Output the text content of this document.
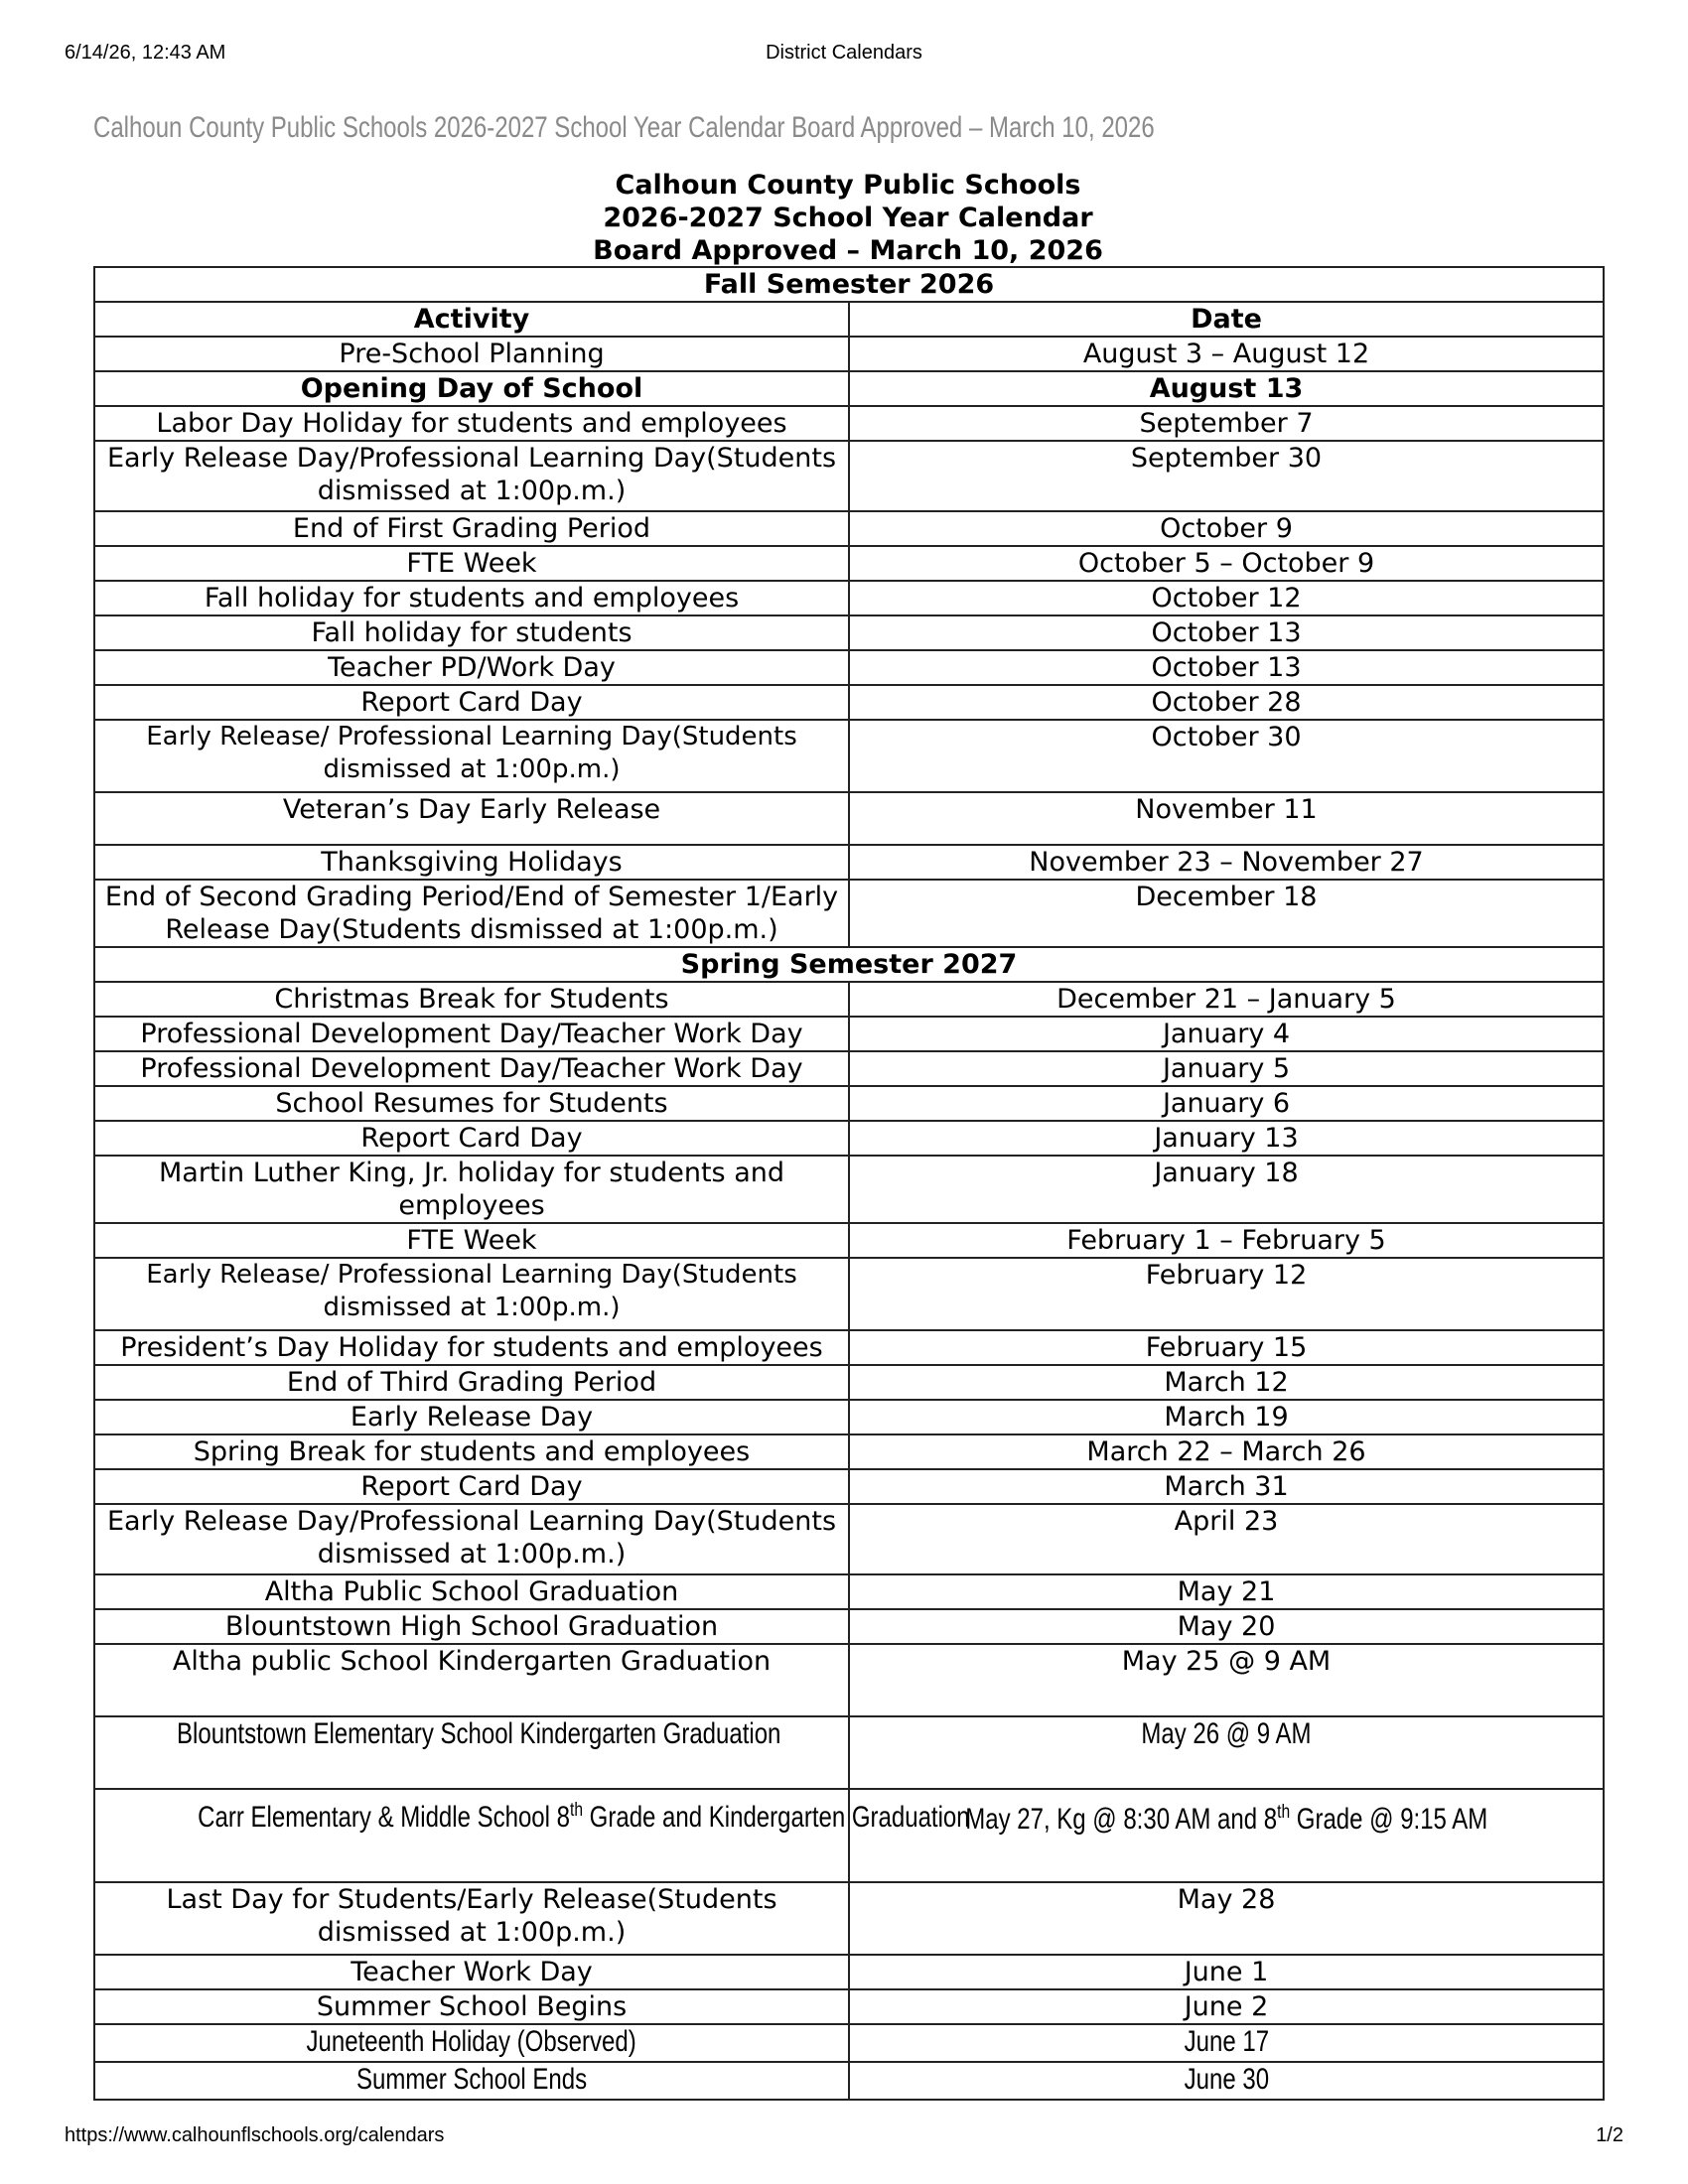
6/14/26, 12:43 AM	District Calendars
Calhoun County Public Schools 2026-2027 School Year Calendar Board Approved – March 10, 2026
Calhoun County Public Schools
2026-2027 School Year Calendar
Board Approved – March 10, 2026
Fall Semester 2026	
Activity	Date
Pre-School Planning	August 3 – August 12
Opening Day of School	August 13
Labor Day Holiday for students and employees	September 7
Early Release Day/Professional Learning Day(Students dismissed at 1:00p.m.)	September 30
End of First Grading Period	October 9
FTE Week	October 5 – October 9
Fall holiday for students and employees	October 12
Fall holiday for students	October 13
Teacher PD/Work Day	October 13
Report Card Day	October 28
Early Release/ Professional Learning Day(Students dismissed at 1:00p.m.)	October 30
Veteran’s Day Early Release	November 11
Thanksgiving Holidays	November 23 – November 27
End of Second Grading Period/End of Semester 1/Early Release Day(Students dismissed at 1:00p.m.)	December 18
Spring Semester 2027	
Christmas Break for Students	December 21 – January 5
Professional Development Day/Teacher Work Day	January 4
Professional Development Day/Teacher Work Day	January 5
School Resumes for Students	January 6
Report Card Day	January 13
Martin Luther King, Jr. holiday for students and employees	January 18
FTE Week	February 1 – February 5
Early Release/ Professional Learning Day(Students dismissed at 1:00p.m.)	February 12
President’s Day Holiday for students and employees	February 15
End of Third Grading Period	March 12
Early Release Day	March 19
Spring Break for students and employees	March 22 – March 26
Report Card Day	March 31
Early Release Day/Professional Learning Day(Students dismissed at 1:00p.m.)	April 23
Altha Public School Graduation	May 21
Blountstown High School Graduation	May 20
Altha public School Kindergarten Graduation	May 25 @ 9 AM
Blountstown Elementary School Kindergarten Graduation	May 26 @ 9 AM
Carr Elementary & Middle School 8th Grade and Kindergarten Graduation	May 27, Kg @ 8:30 AM and 8th Grade @ 9:15 AM
Last Day for Students/Early Release(Students dismissed at 1:00p.m.)	May 28
Teacher Work Day	June 1
Summer School Begins	June 2
Juneteenth Holiday (Observed)	June 17
Summer School Ends	June 30
https://www.calhounflschools.org/calendars	1/2
